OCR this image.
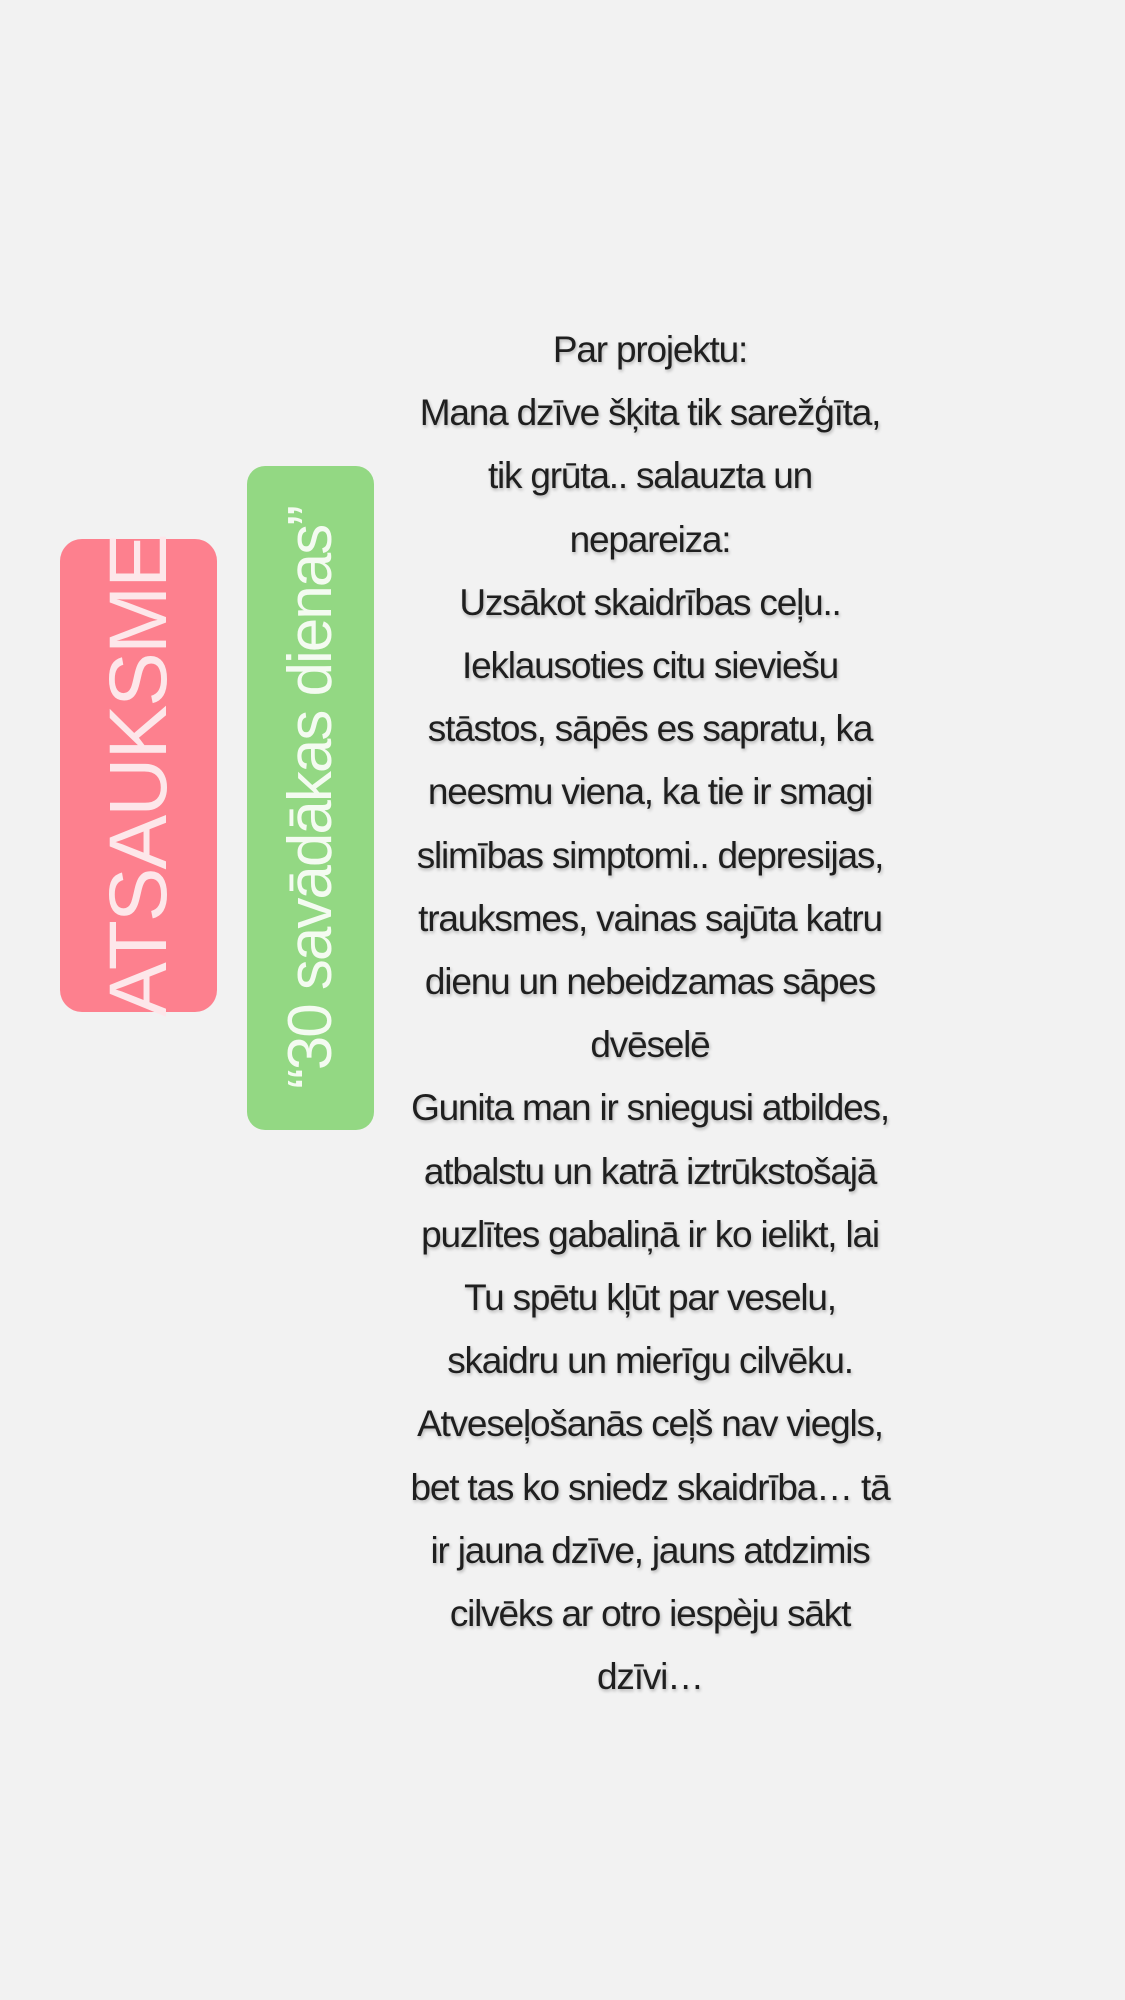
ATSAUKSME “30 savādākas dienas”
Par projektu:
Mana dzīve šķita tik sarežģīta,
tik grūta.. salauzta un
nepareiza:
Uzsākot skaidrības ceļu..
Ieklausoties citu sieviešu
stāstos, sāpēs es sapratu, ka
neesmu viena, ka tie ir smagi
slimības simptomi.. depresijas,
trauksmes, vainas sajūta katru
dienu un nebeidzamas sāpes
dvēselē
Gunita man ir sniegusi atbildes,
atbalstu un katrā iztrūkstošajā
puzlītes gabaliņā ir ko ielikt, lai
Tu spētu kļūt par veselu,
skaidru un mierīgu cilvēku.
Atveseļošanās ceļš nav viegls,
bet tas ko sniedz skaidrība… tā
ir jauna dzīve, jauns atdzimis
cilvēks ar otro iespèju sākt
dzīvi…
